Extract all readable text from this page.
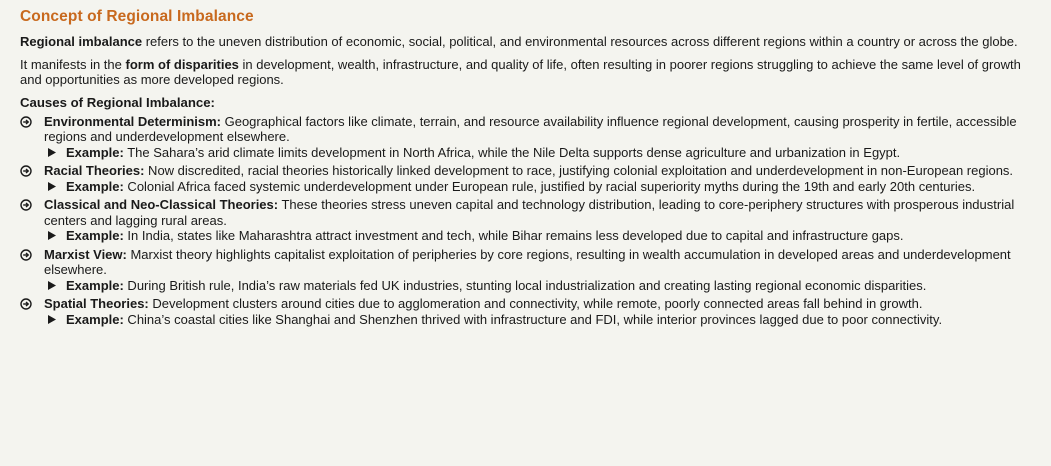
Concept of Regional Imbalance

Regional imbalance refers to the uneven distribution of economic, social, political, and environmental resources across different regions within a country or across the globe.

It manifests in the form of disparities in development, wealth, infrastructure, and quality of life, often resulting in poorer regions struggling to achieve the same level of growth and opportunities as more developed regions.

Causes of Regional Imbalance:
Environmental Determinism: Geographical factors like climate, terrain, and resource availability influence regional development, causing prosperity in fertile, accessible regions and underdevelopment elsewhere.
Example: The Sahara’s arid climate limits development in North Africa, while the Nile Delta supports dense agriculture and urbanization in Egypt.
Racial Theories: Now discredited, racial theories historically linked development to race, justifying colonial exploitation and underdevelopment in non-European regions.
Example: Colonial Africa faced systemic underdevelopment under European rule, justified by racial superiority myths during the 19th and early 20th centuries.
Classical and Neo-Classical Theories: These theories stress uneven capital and technology distribution, leading to core-periphery structures with prosperous industrial centers and lagging rural areas.
Example: In India, states like Maharashtra attract investment and tech, while Bihar remains less developed due to capital and infrastructure gaps.
Marxist View: Marxist theory highlights capitalist exploitation of peripheries by core regions, resulting in wealth accumulation in developed areas and underdevelopment elsewhere.
Example: During British rule, India’s raw materials fed UK industries, stunting local industrialization and creating lasting regional economic disparities.
Spatial Theories: Development clusters around cities due to agglomeration and connectivity, while remote, poorly connected areas fall behind in growth.
Example: China’s coastal cities like Shanghai and Shenzhen thrived with infrastructure and FDI, while interior provinces lagged due to poor connectivity.
